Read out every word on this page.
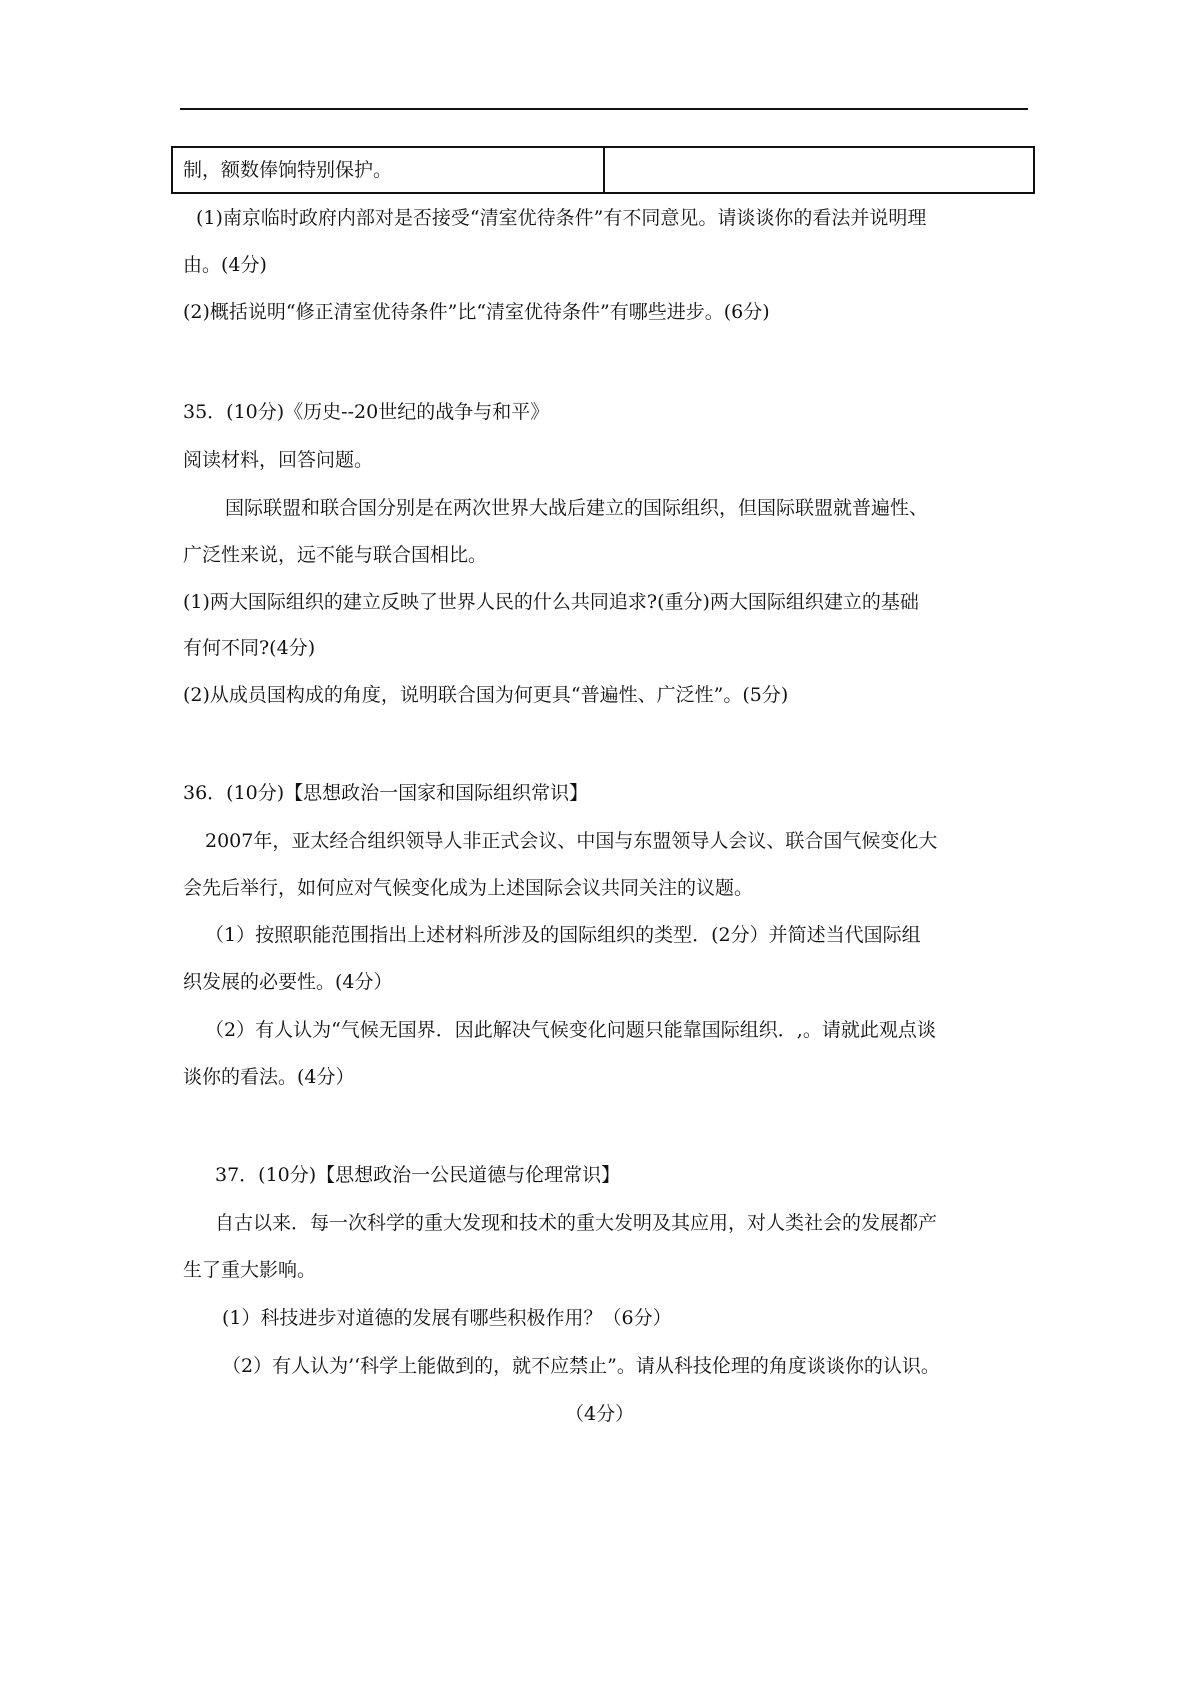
制，额数俸饷特别保护。
(1)南京临时政府内部对是否接受“清室优待条件”有不同意见。请谈谈你的看法并说明理
由。(4分)
(2)概括说明“修正清室优待条件”比“清室优待条件”有哪些进步。(6分)
35．(10分)《历史--20世纪的战争与和平》
阅读材料，回答问题。
国际联盟和联合国分别是在两次世界大战后建立的国际组织，但国际联盟就普遍性、
广泛性来说，远不能与联合国相比。
(1)两大国际组织的建立反映了世界人民的什么共同追求?(重分)两大国际组织建立的基础
有何不同?(4分)
(2)从成员国构成的角度，说明联合国为何更具“普遍性、广泛性”。(5分)
36．(10分)【思想政治一国家和国际组织常识】
2007年，亚太经合组织领导人非正式会议、中国与东盟领导人会议、联合国气候变化大
会先后举行，如何应对气候变化成为上述国际会议共同关注的议题。
（1）按照职能范围指出上述材料所涉及的国际组织的类型．(2分）并简述当代国际组
织发展的必要性。(4分）
（2）有人认为“气候无国界．因此解决气候变化问题只能靠国际组织．,。请就此观点谈
谈你的看法。(4分）
37．(10分)【思想政治一公民道德与伦理常识】
自古以来．每一次科学的重大发现和技术的重大发明及其应用，对人类社会的发展都产
生了重大影响。
(1）科技进步对道德的发展有哪些积极作用？（6分）
（2）有人认为’‘科学上能做到的，就不应禁止”。请从科技伦理的角度谈谈你的认识。
（4分）
